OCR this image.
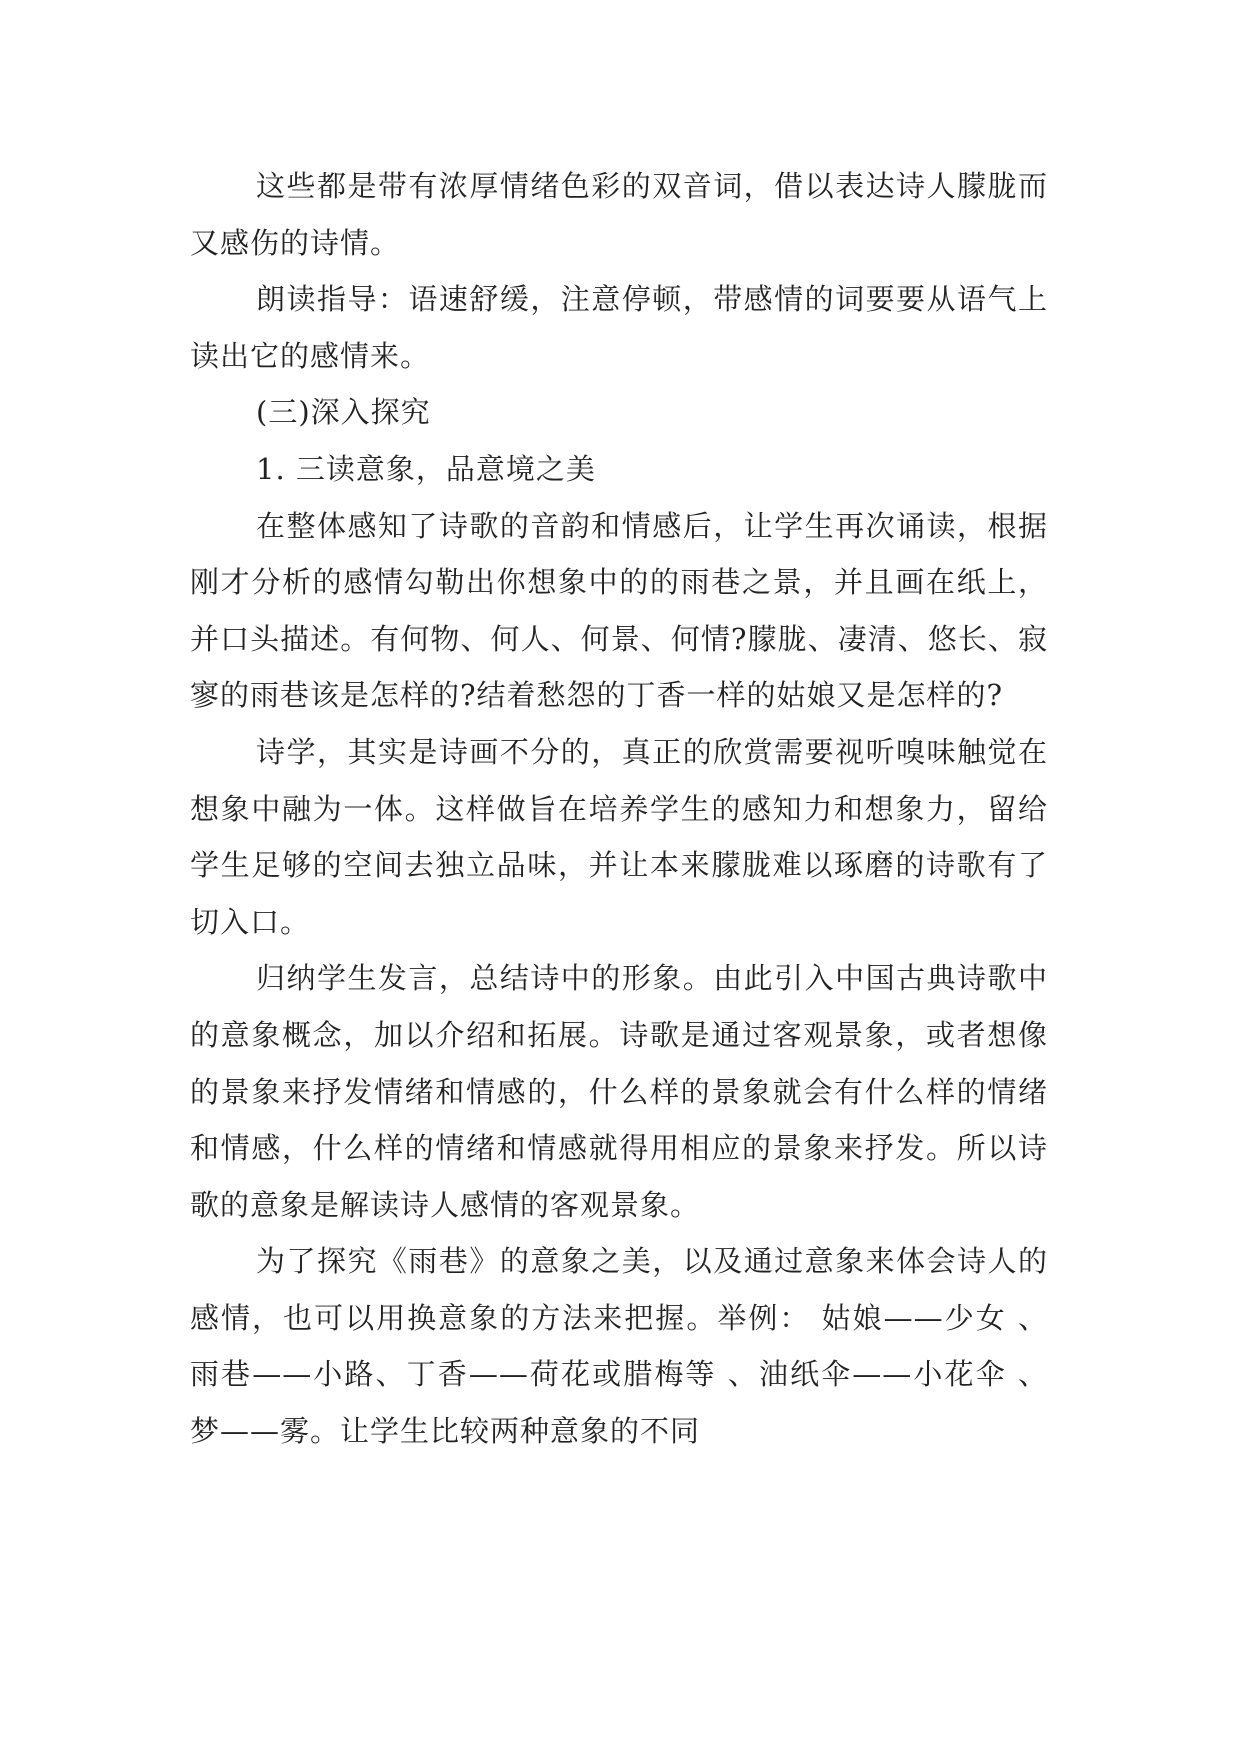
这些都是带有浓厚情绪色彩的双音词，借以表达诗人朦胧而又感伤的诗情。

朗读指导：语速舒缓，注意停顿，带感情的词要要从语气上读出它的感情来。

(三)深入探究

1. 三读意象，品意境之美

在整体感知了诗歌的音韵和情感后，让学生再次诵读，根据刚才分析的感情勾勒出你想象中的的雨巷之景，并且画在纸上，并口头描述。有何物、何人、何景、何情?朦胧、凄清、悠长、寂寥的雨巷该是怎样的?结着愁怨的丁香一样的姑娘又是怎样的?

诗学，其实是诗画不分的，真正的欣赏需要视听嗅味触觉在想象中融为一体。这样做旨在培养学生的感知力和想象力，留给学生足够的空间去独立品味，并让本来朦胧难以琢磨的诗歌有了切入口。

归纳学生发言，总结诗中的形象。由此引入中国古典诗歌中的意象概念，加以介绍和拓展。诗歌是通过客观景象，或者想像的景象来抒发情绪和情感的，什么样的景象就会有什么样的情绪和情感，什么样的情绪和情感就得用相应的景象来抒发。所以诗歌的意象是解读诗人感情的客观景象。

为了探究《雨巷》的意象之美，以及通过意象来体会诗人的感情，也可以用换意象的方法来把握。举例： 姑娘——少女 、 雨巷——小路、丁香——荷花或腊梅等 、油纸伞——小花伞 、 梦——雾。让学生比较两种意象的不同
